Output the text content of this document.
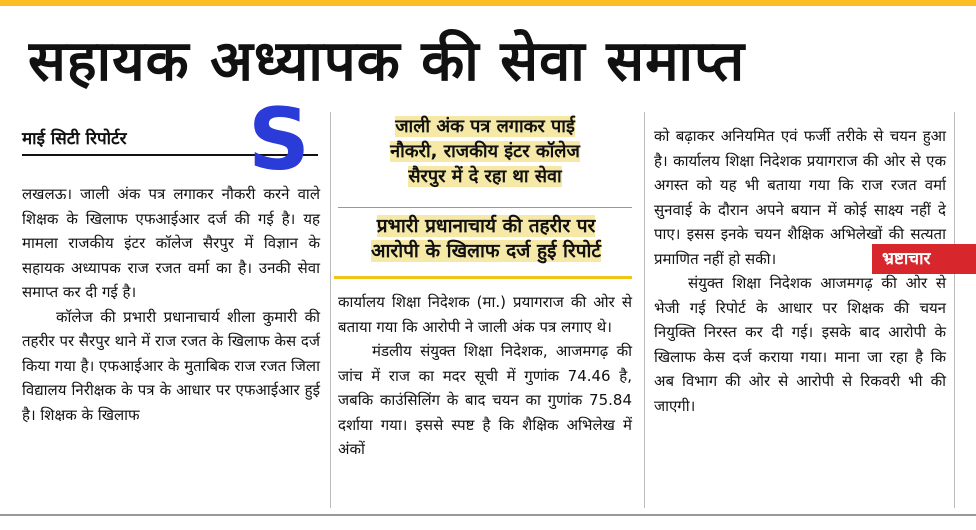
सहायक अध्यापक की सेवा समाप्त
माई सिटी रिपोर्टर	S

लखलऊ। जाली अंक पत्र लगाकर नौकरी करने वाले शिक्षक के खिलाफ एफआईआर दर्ज की गई है। यह मामला राजकीय इंटर कॉलेज सैरपुर में विज्ञान के सहायक अध्यापक राज रजत वर्मा का है। उनकी सेवा समाप्त कर दी गई है।

कॉलेज की प्रभारी प्रधानाचार्य शीला कुमारी की तहरीर पर सैरपुर थाने में राज रजत के खिलाफ केस दर्ज किया गया है। एफआईआर के मुताबिक राज रजत जिला विद्यालय निरीक्षक के पत्र के आधार पर एफआईआर हुई है। शिक्षक के खिलाफ

जाली अंक पत्र लगाकर पाई
नौकरी, राजकीय इंटर कॉलेज
सैरपुर में दे रहा था सेवा
प्रभारी प्रधानाचार्य की तहरीर पर
आरोपी के खिलाफ दर्ज हुई रिपोर्ट

कार्यालय शिक्षा निदेशक (मा.) प्रयागराज की ओर से बताया गया कि आरोपी ने जाली अंक पत्र लगाए थे।

मंडलीय संयुक्त शिक्षा निदेशक, आजमगढ़ की जांच में राज का मदर सूची में गुणांक 74.46 है, जबकि काउंसिलिंग के बाद चयन का गुणांक 75.84 दर्शाया गया। इससे स्पष्ट है कि शैक्षिक अभिलेख में अंकों

को बढ़ाकर अनियमित एवं फर्जी तरीके से चयन हुआ है। कार्यालय शिक्षा निदेशक प्रयागराज की ओर से एक अगस्त को यह भी बताया गया कि राज रजत वर्मा सुनवाई के दौरान अपने बयान में कोई साक्ष्य नहीं दे पाए। इसस इनके चयन शैक्षिक अभिलेखों की सत्यता प्रमाणित नहीं हो सकी।

संयुक्त शिक्षा निदेशक आजमगढ़ की ओर से भेजी गई रिपोर्ट के आधार पर शिक्षक की चयन नियुक्ति निरस्त कर दी गई। इसके बाद आरोपी के खिलाफ केस दर्ज कराया गया। माना जा रहा है कि अब विभाग की ओर से आरोपी से रिकवरी भी की जाएगी।

भ्रष्टाचार
